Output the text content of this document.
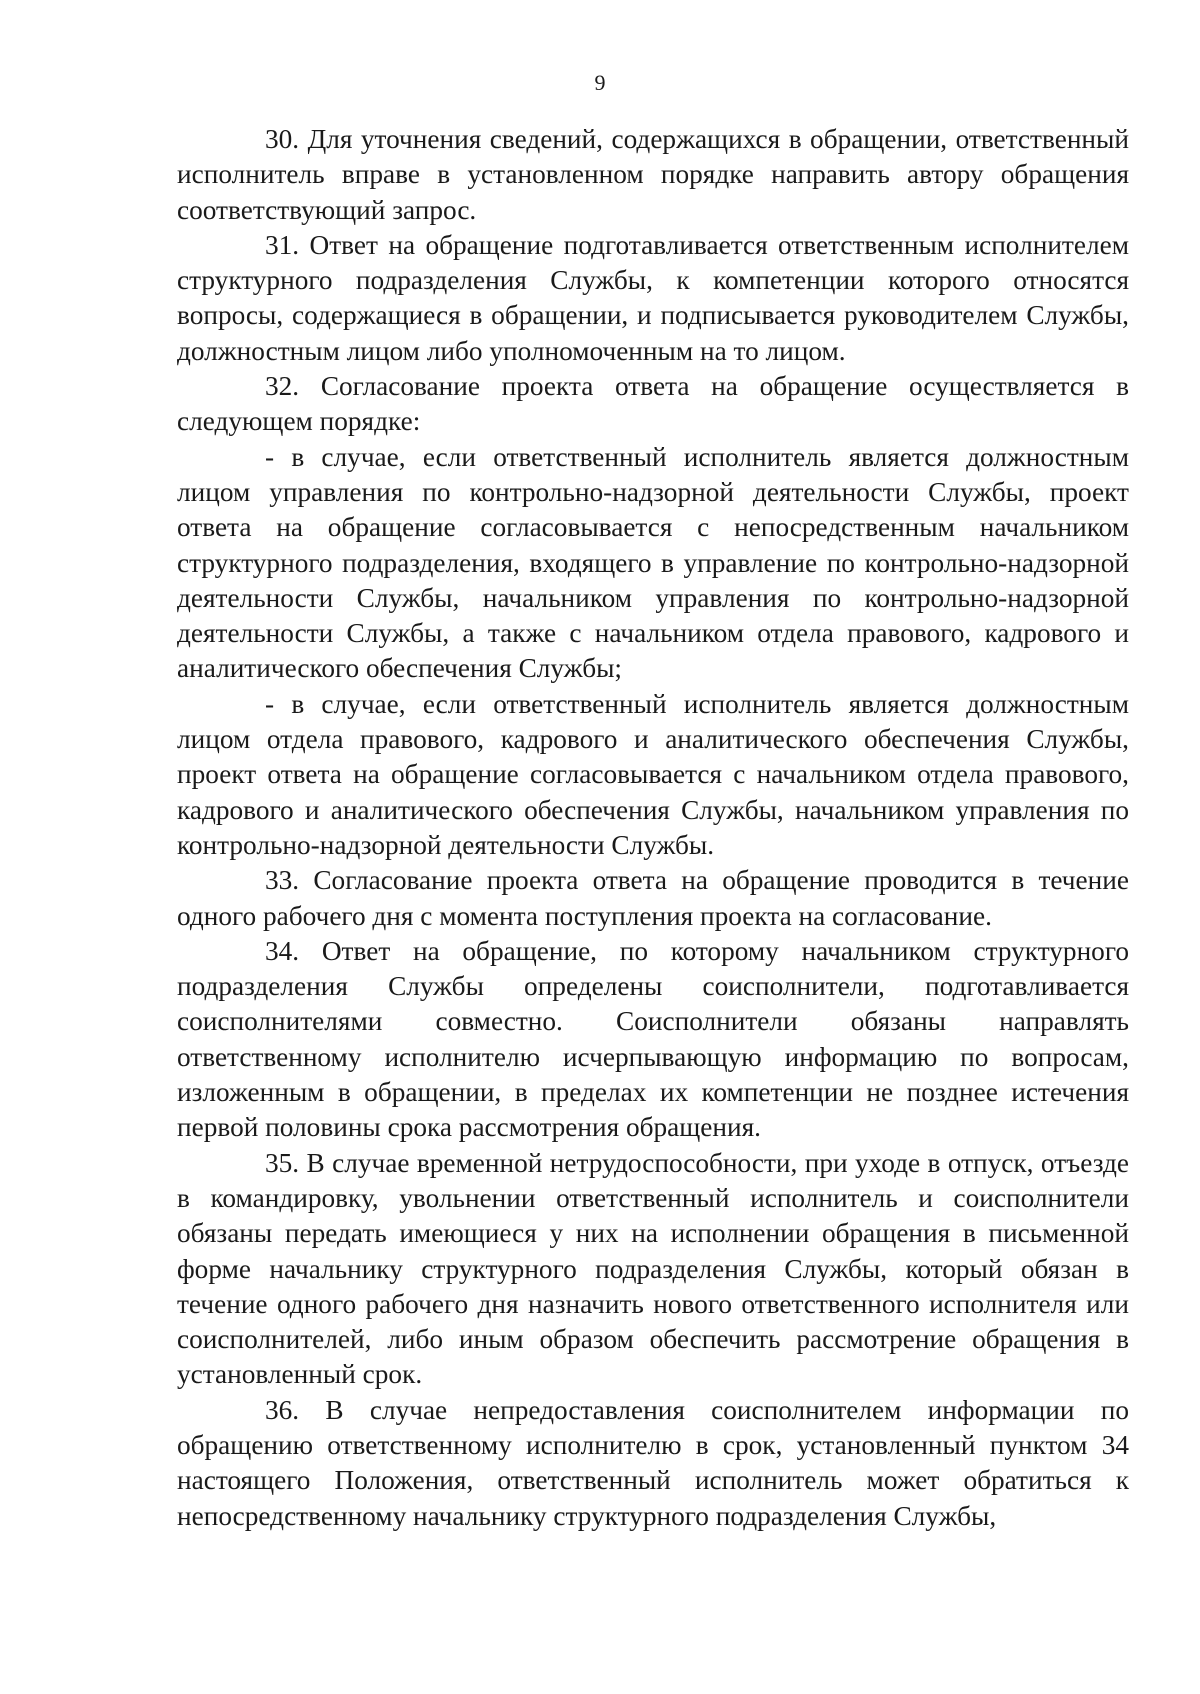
9

30. Для уточнения сведений, содержащихся в обращении, ответственный исполнитель вправе в установленном порядке направить автору обращения соответствующий запрос.

31. Ответ на обращение подготавливается ответственным исполнителем структурного подразделения Службы, к компетенции которого относятся вопросы, содержащиеся в обращении, и подписывается руководителем Службы, должностным лицом либо уполномоченным на то лицом.

32. Согласование проекта ответа на обращение осуществляется в следующем порядке:

- в случае, если ответственный исполнитель является должностным лицом управления по контрольно-надзорной деятельности Службы, проект ответа на обращение согласовывается с непосредственным начальником структурного подразделения, входящего в управление по контрольно-надзорной деятельности Службы, начальником управления по контрольно-надзорной деятельности Службы, а также с начальником отдела правового, кадрового и аналитического обеспечения Службы;

- в случае, если ответственный исполнитель является должностным лицом отдела правового, кадрового и аналитического обеспечения Службы, проект ответа на обращение согласовывается с начальником отдела правового, кадрового и аналитического обеспечения Службы, начальником управления по контрольно-надзорной деятельности Службы.

33. Согласование проекта ответа на обращение проводится в течение одного рабочего дня с момента поступления проекта на согласование.

34. Ответ на обращение, по которому начальником структурного подразделения Службы определены соисполнители, подготавливается соисполнителями совместно. Соисполнители обязаны направлять ответственному исполнителю исчерпывающую информацию по вопросам, изложенным в обращении, в пределах их компетенции не позднее истечения первой половины срока рассмотрения обращения.

35. В случае временной нетрудоспособности, при уходе в отпуск, отъезде в командировку, увольнении ответственный исполнитель и соисполнители обязаны передать имеющиеся у них на исполнении обращения в письменной форме начальнику структурного подразделения Службы, который обязан в течение одного рабочего дня назначить нового ответственного исполнителя или соисполнителей, либо иным образом обеспечить рассмотрение обращения в установленный срок.

36. В случае непредоставления соисполнителем информации по обращению ответственному исполнителю в срок, установленный пунктом 34 настоящего Положения, ответственный исполнитель может обратиться к непосредственному начальнику структурного подразделения Службы,
